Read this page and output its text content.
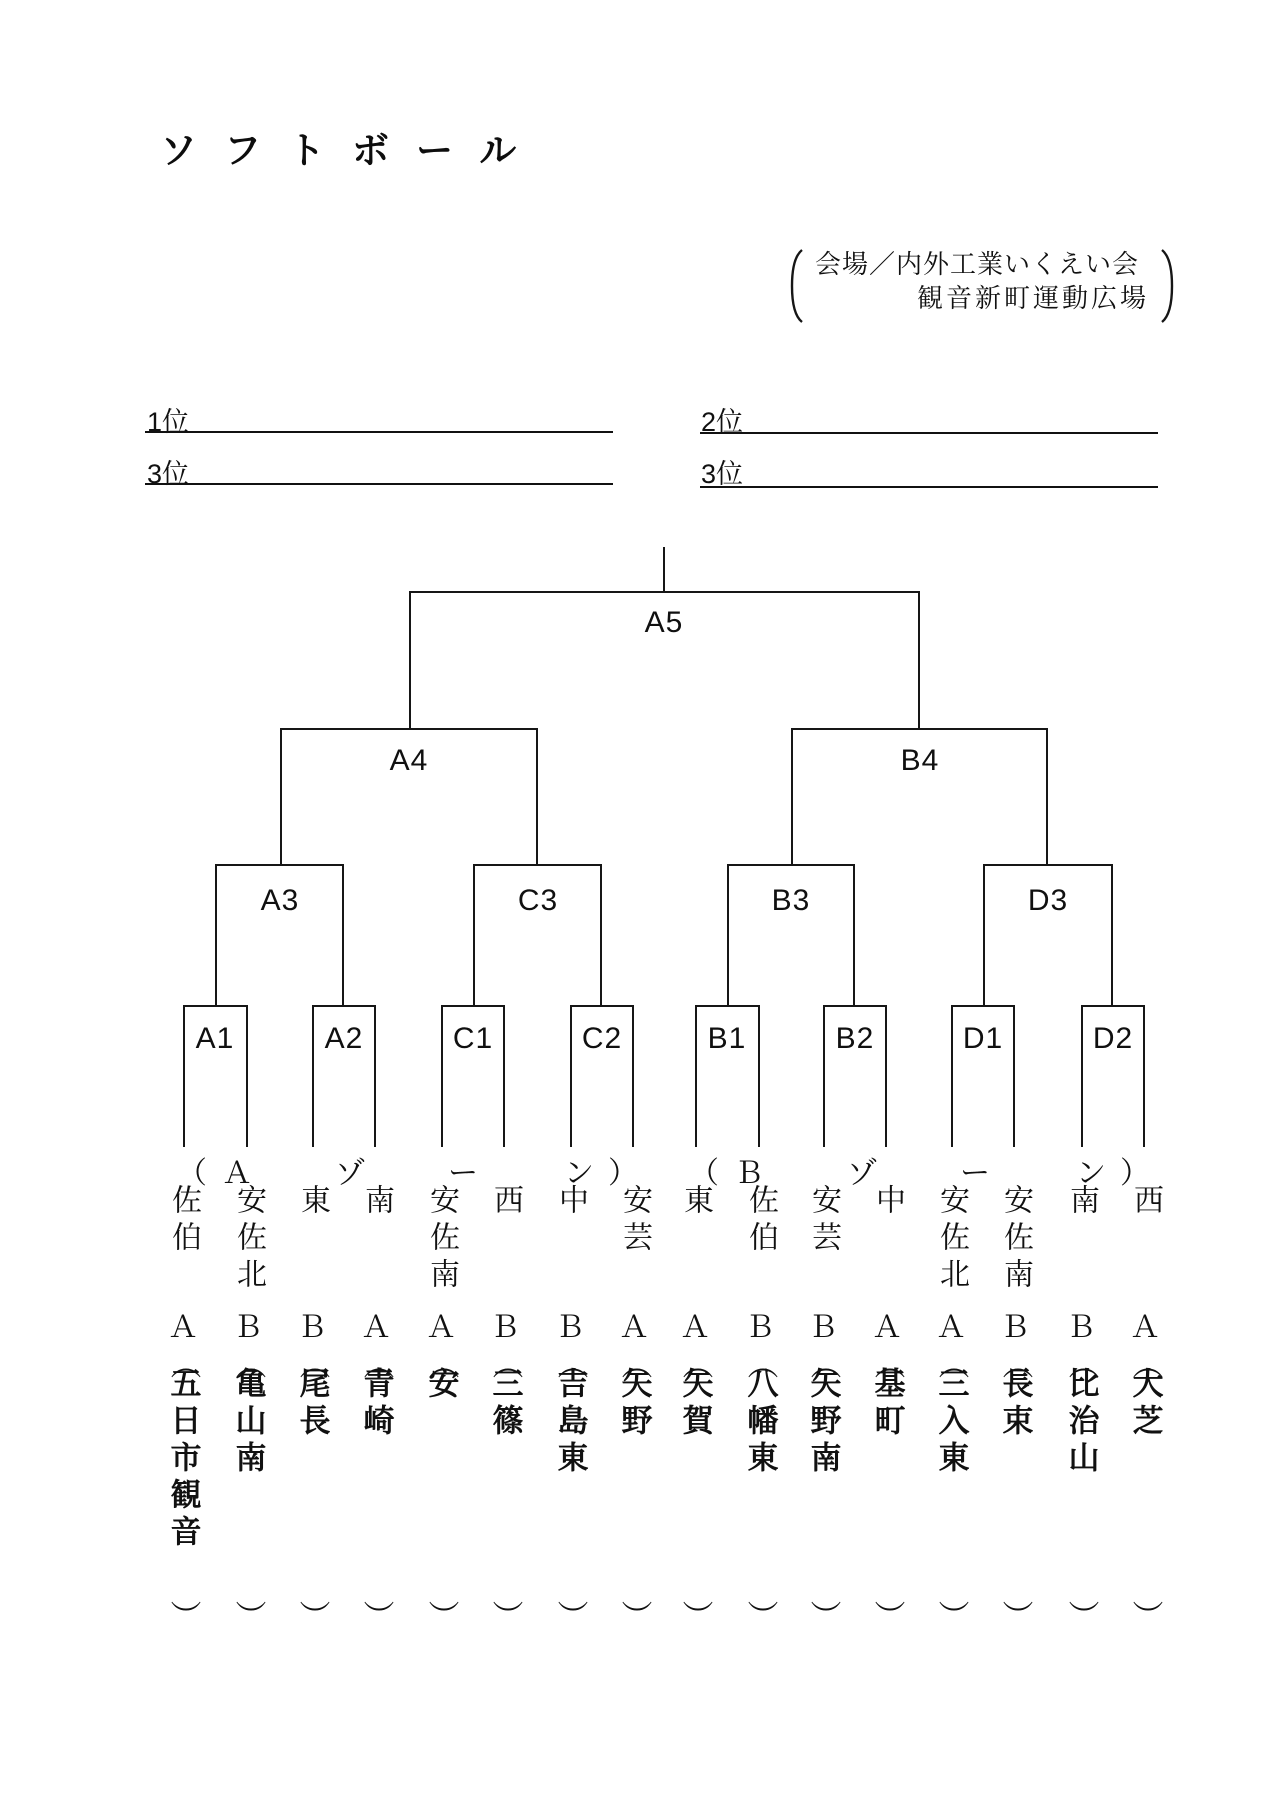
ソフトボール
会場／内外工業いくえい会
観音新町運動広場
1位	2位
3位	3位
A5
A4	B4
A3	C3	B3	D3
A1	A2	C1	C2	B1	B2	D1	D2
（ Ａ	ゾ	ー	ン ） （ Ｂ	ゾ	ー	ン ）
佐伯
Ａ
（五日市観音
）
安佐北
Ｂ
（亀山南
）
東
Ｂ
（尾長
）
南
Ａ
（青崎
）
安佐南
Ａ
（安
）
西
Ｂ
（三篠
）
中
Ｂ
（吉島東
）
安芸
Ａ
（矢野
）
東
Ａ
（矢賀
）
佐伯
Ｂ
（八幡東
）
安芸
Ｂ
（矢野南
）
中
Ａ
（基町
）
安佐北
Ａ
（三入東
）
安佐南
Ｂ
（長束
）
南
Ｂ
（比治山
）
西
Ａ
（大芝
）
